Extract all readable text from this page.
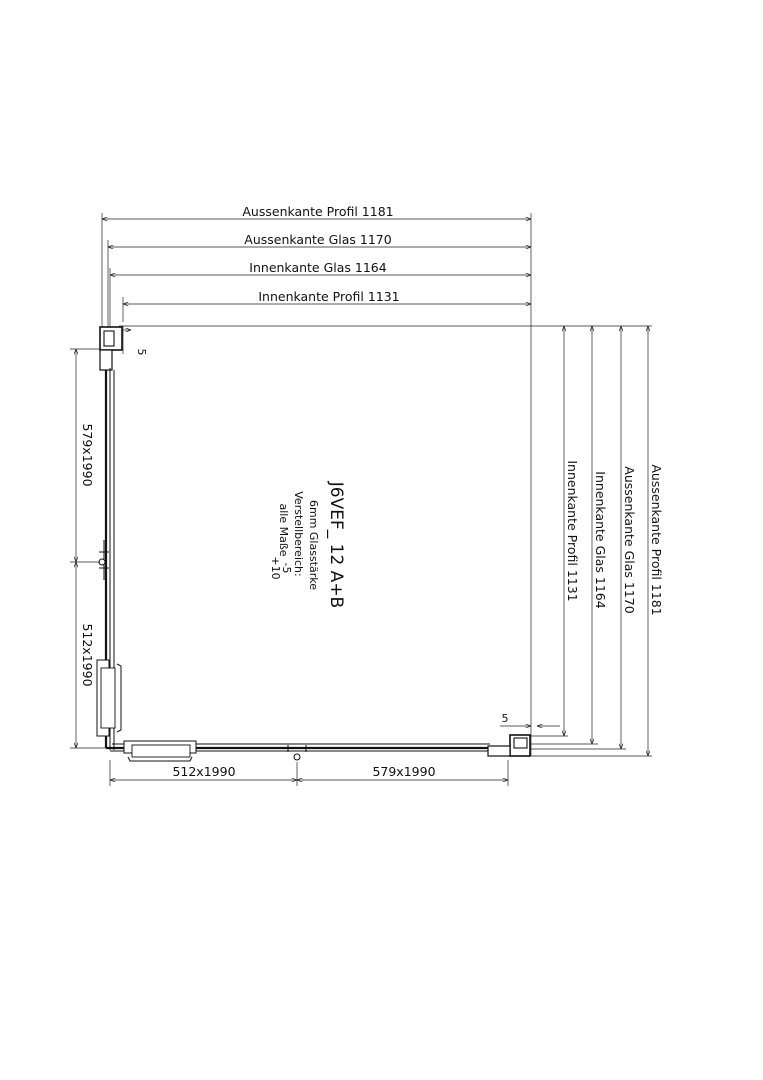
Aussenkante Profil 1181
Aussenkante Glas 1170
Innenkante Glas 1164
Innenkante Profil 1131
5
5
Innenkante Profil 1131 Innenkante Glas 1164 Aussenkante Glas 1170 Aussenkante Profil 1181
579x1990
512x1990
512x1990	579x1990
J6VEF_ 12 A+B
6mm Glasstärke
Verstellbereich:
alle Maße
-5
+10
